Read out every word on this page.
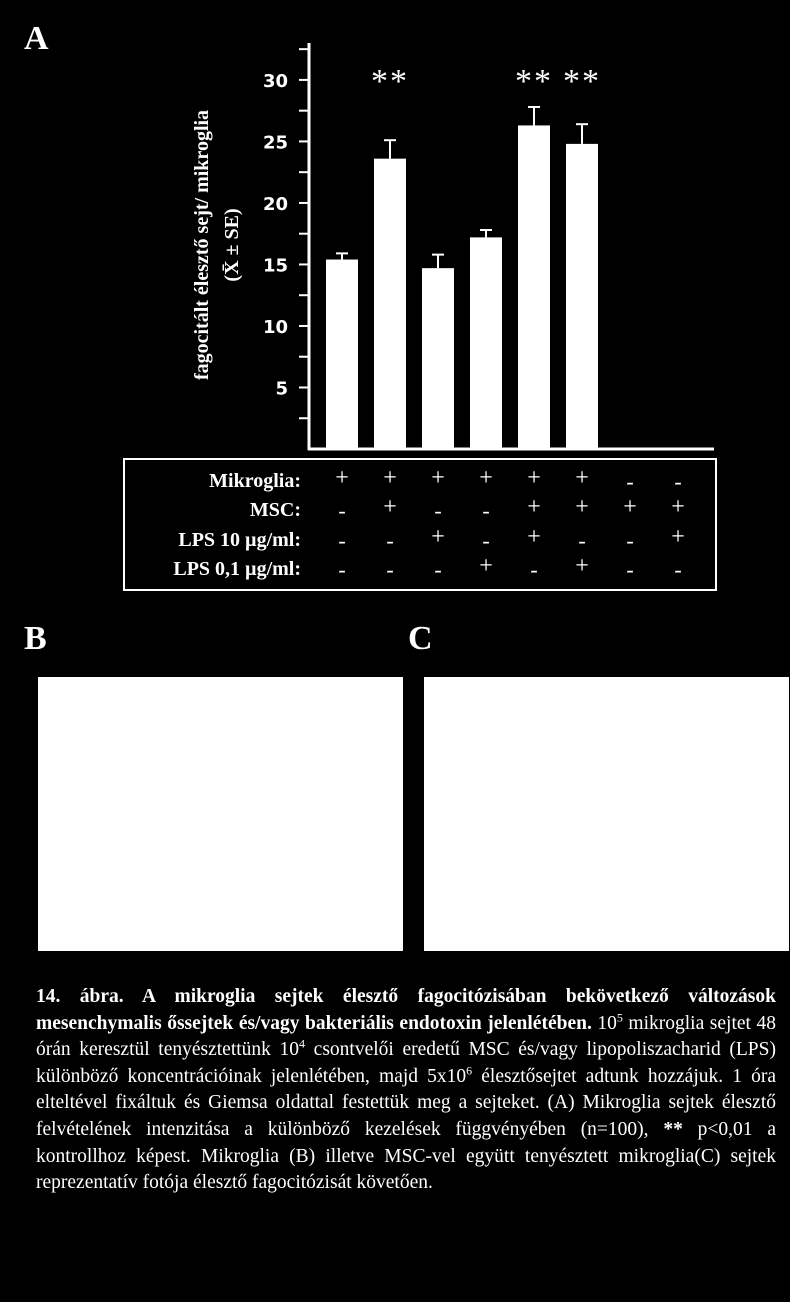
A
B	C
5
10
15
20
25
30 **	** **
fagocitált élesztő sejt/ mikroglia (X̄ ± SE)
Mikroglia: + + + + + + - -
MSC: - + - - + + + +
LPS 10 µg/ml: - - + - + - - +
LPS 0,1 µg/ml: - - - + - + - -
14. ábra. A mikroglia sejtek élesztő fagocitózisában bekövetkező változások mesenchymalis őssejtek és/vagy bakteriális endotoxin jelenlétében. $10^5$ mikroglia sejtet 48 órán keresztül tenyésztettünk $10^4$ csontvelői eredetű MSC és/vagy lipopoliszacharid (LPS) különböző koncentrációinak jelenlétében, majd $5x10^6$ élesztősejtet adtunk hozzájuk. 1 óra elteltével fixáltuk és Giemsa oldattal festettük meg a sejteket. (A) Mikroglia sejtek élesztő felvételének intenzitása a különböző kezelések függvényében (n=100), ** p<0,01 a kontrollhoz képest. Mikroglia (B) illetve MSC-vel együtt tenyésztett mikroglia(C) sejtek reprezentatív fotója élesztő fagocitózisát követően.
